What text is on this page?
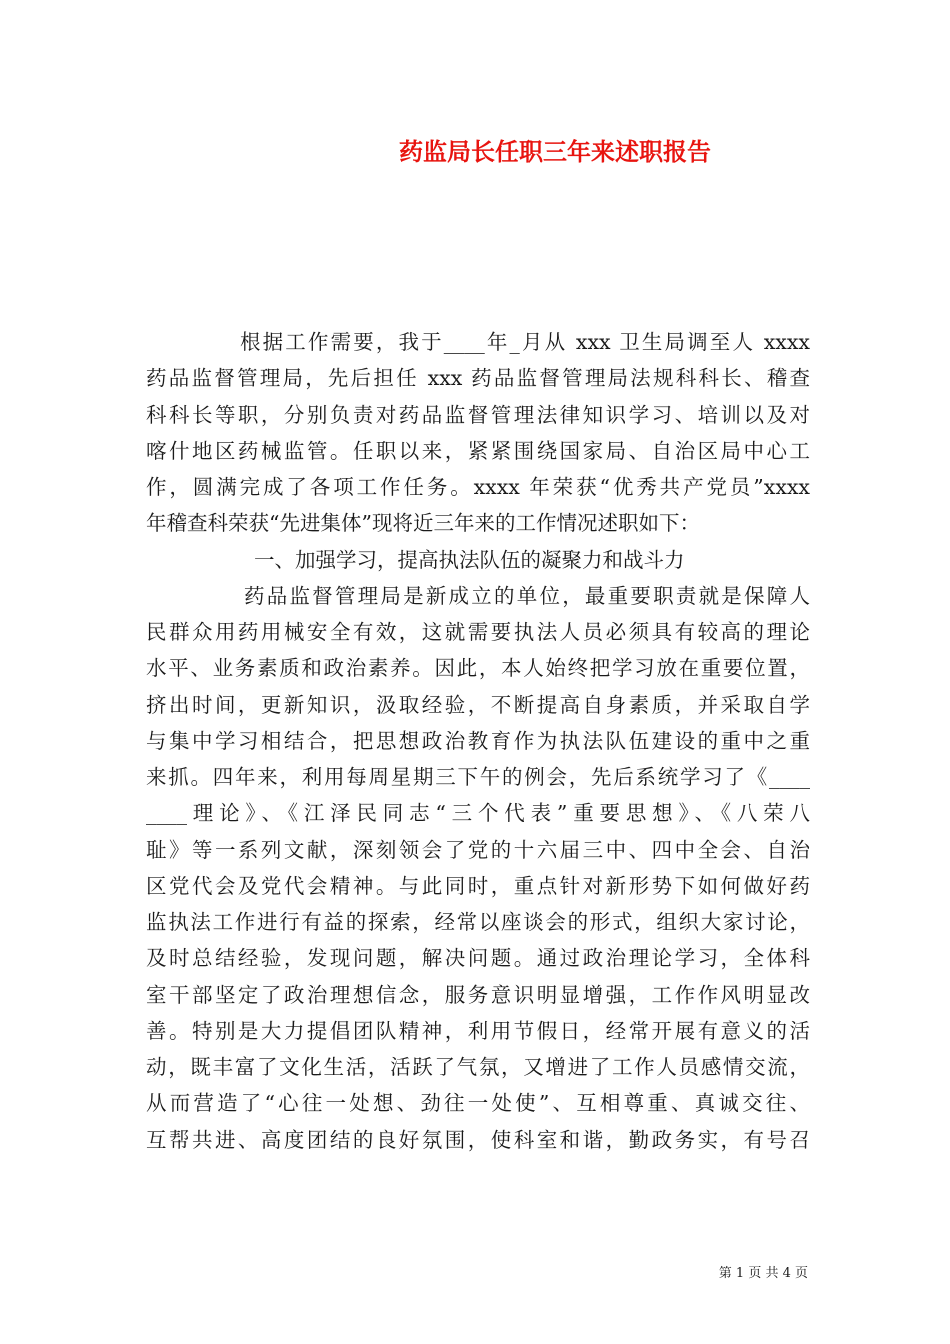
药监局长任职三年来述职报告
根据工作需要，我于____年_月从 xxx 卫生局调至人 xxxx
药品监督管理局，先后担任 xxx 药品监督管理局法规科科长、稽查
科科长等职，分别负责对药品监督管理法律知识学习、培训以及对
喀什地区药械监管。任职以来，紧紧围绕国家局、自治区局中心工
作，圆满完成了各项工作任务。xxxx 年荣获“优秀共产党员”xxxx
年稽查科荣获“先进集体”现将近三年来的工作情况述职如下：
一、加强学习，提高执法队伍的凝聚力和战斗力
药品监督管理局是新成立的单位，最重要职责就是保障人
民群众用药用械安全有效，这就需要执法人员必须具有较高的理论
水平、业务素质和政治素养。因此，本人始终把学习放在重要位置，
挤出时间，更新知识，汲取经验，不断提高自身素质，并采取自学
与集中学习相结合，把思想政治教育作为执法队伍建设的重中之重
来抓。四年来，利用每周星期三下午的例会，先后系统学习了《____
____理论》、《江泽民同志“三个代表”重要思想》、《八荣八
耻》等一系列文献，深刻领会了党的十六届三中、四中全会、自治
区党代会及党代会精神。与此同时，重点针对新形势下如何做好药
监执法工作进行有益的探索，经常以座谈会的形式，组织大家讨论，
及时总结经验，发现问题，解决问题。通过政治理论学习，全体科
室干部坚定了政治理想信念，服务意识明显增强，工作作风明显改
善。特别是大力提倡团队精神，利用节假日，经常开展有意义的活
动，既丰富了文化生活，活跃了气氛，又增进了工作人员感情交流，
从而营造了“心往一处想、劲往一处使”、互相尊重、真诚交往、
互帮共进、高度团结的良好氛围，使科室和谐，勤政务实，有号召
第 1 页 共 4 页
